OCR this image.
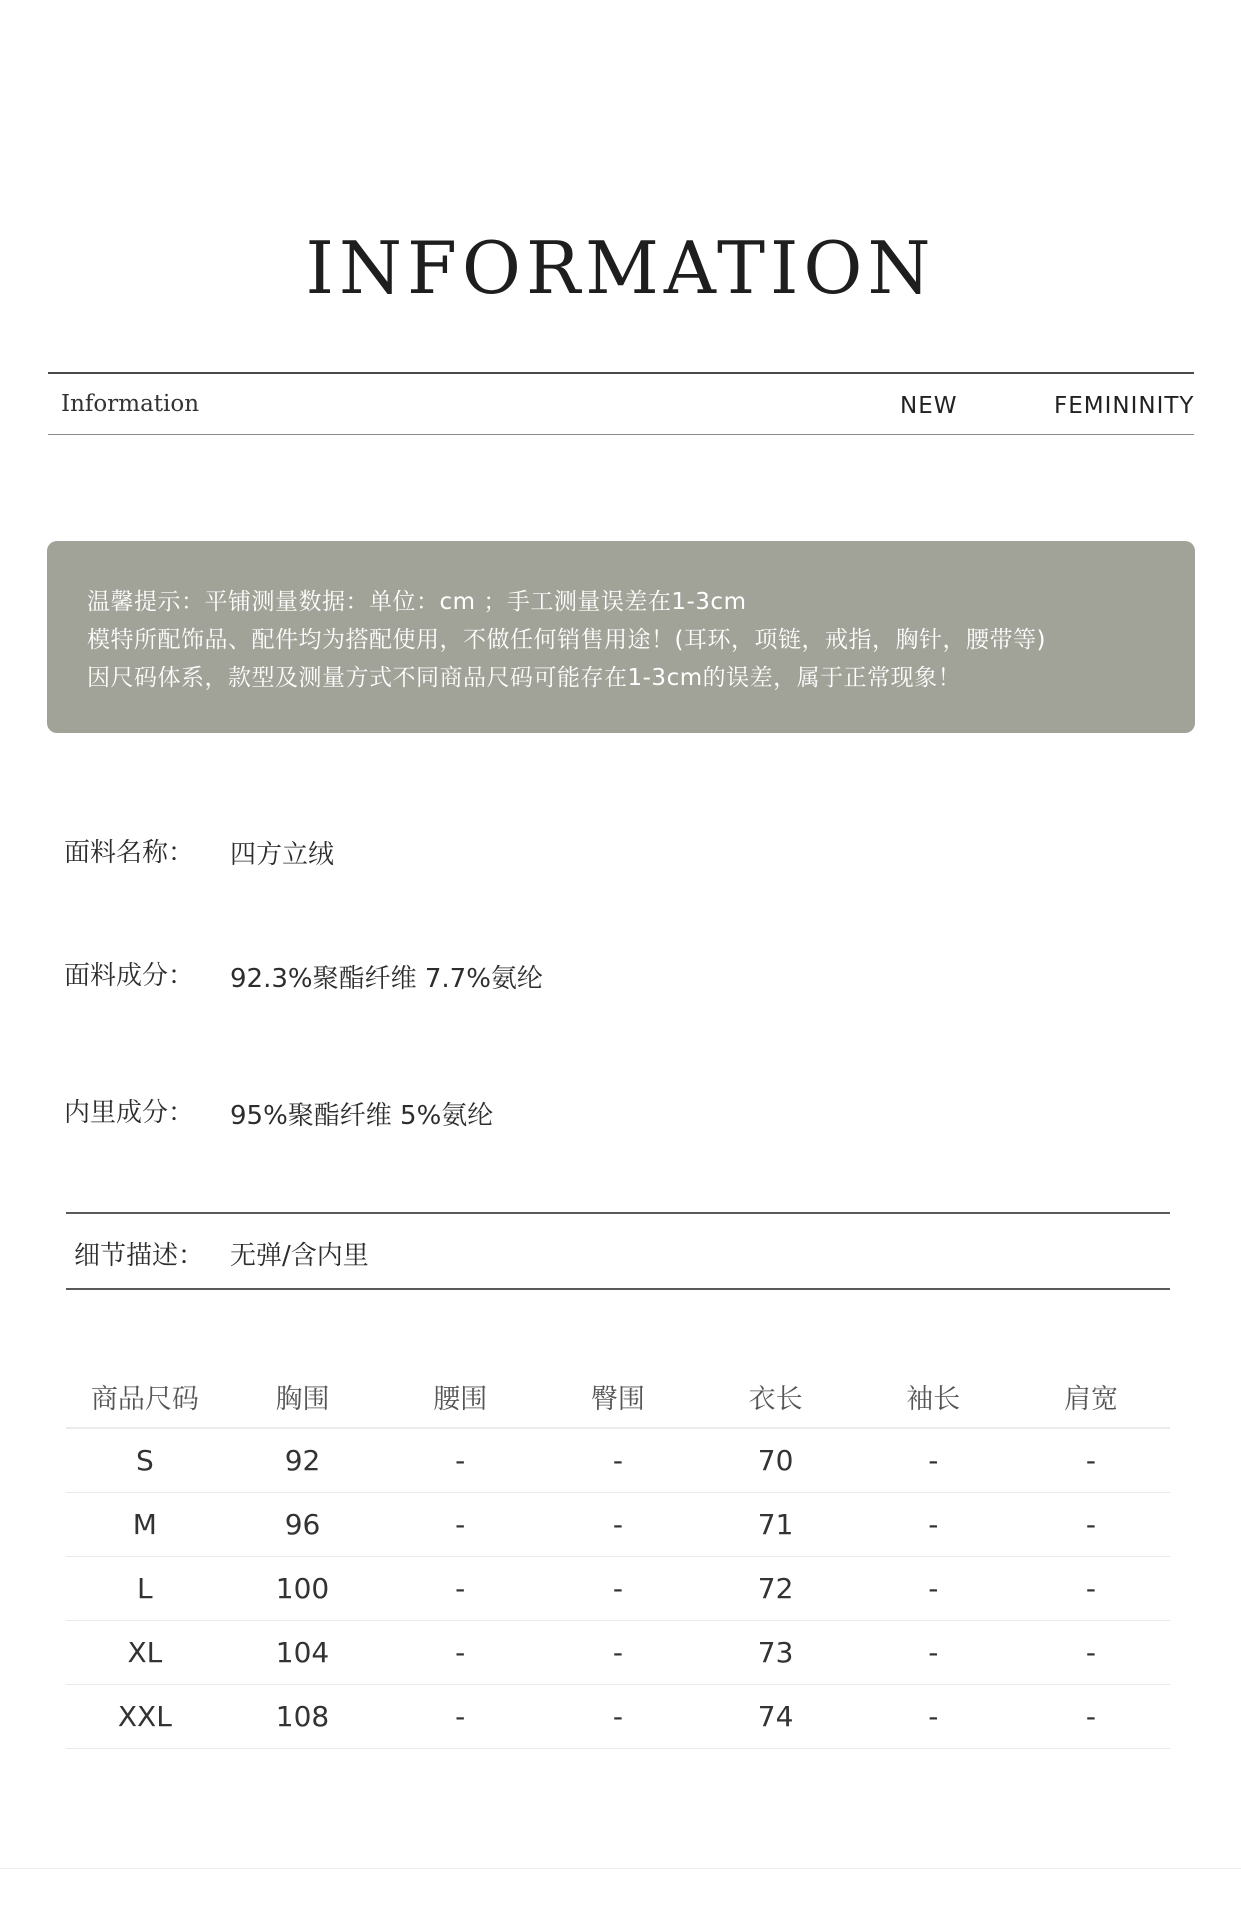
INFORMATION
Information	NEW	FEMININITY
温馨提示：平铺测量数据：单位：cm ；手工测量误差在1-3cm
模特所配饰品、配件均为搭配使用，不做任何销售用途！(耳环，项链，戒指，胸针，腰带等)
因尺码体系，款型及测量方式不同商品尺码可能存在1-3cm的误差，属于正常现象！
面料名称： 四方立绒
面料成分： 92.3%聚酯纤维 7.7%氨纶
内里成分： 95%聚酯纤维 5%氨纶
细节描述： 无弹/含内里
商品尺码	胸围	腰围	臀围	衣长	袖长	肩宽
S	92	-	-	70	-	-
M	96	-	-	71	-	-
L	100	-	-	72	-	-
XL	104	-	-	73	-	-
XXL	108	-	-	74	-	-
